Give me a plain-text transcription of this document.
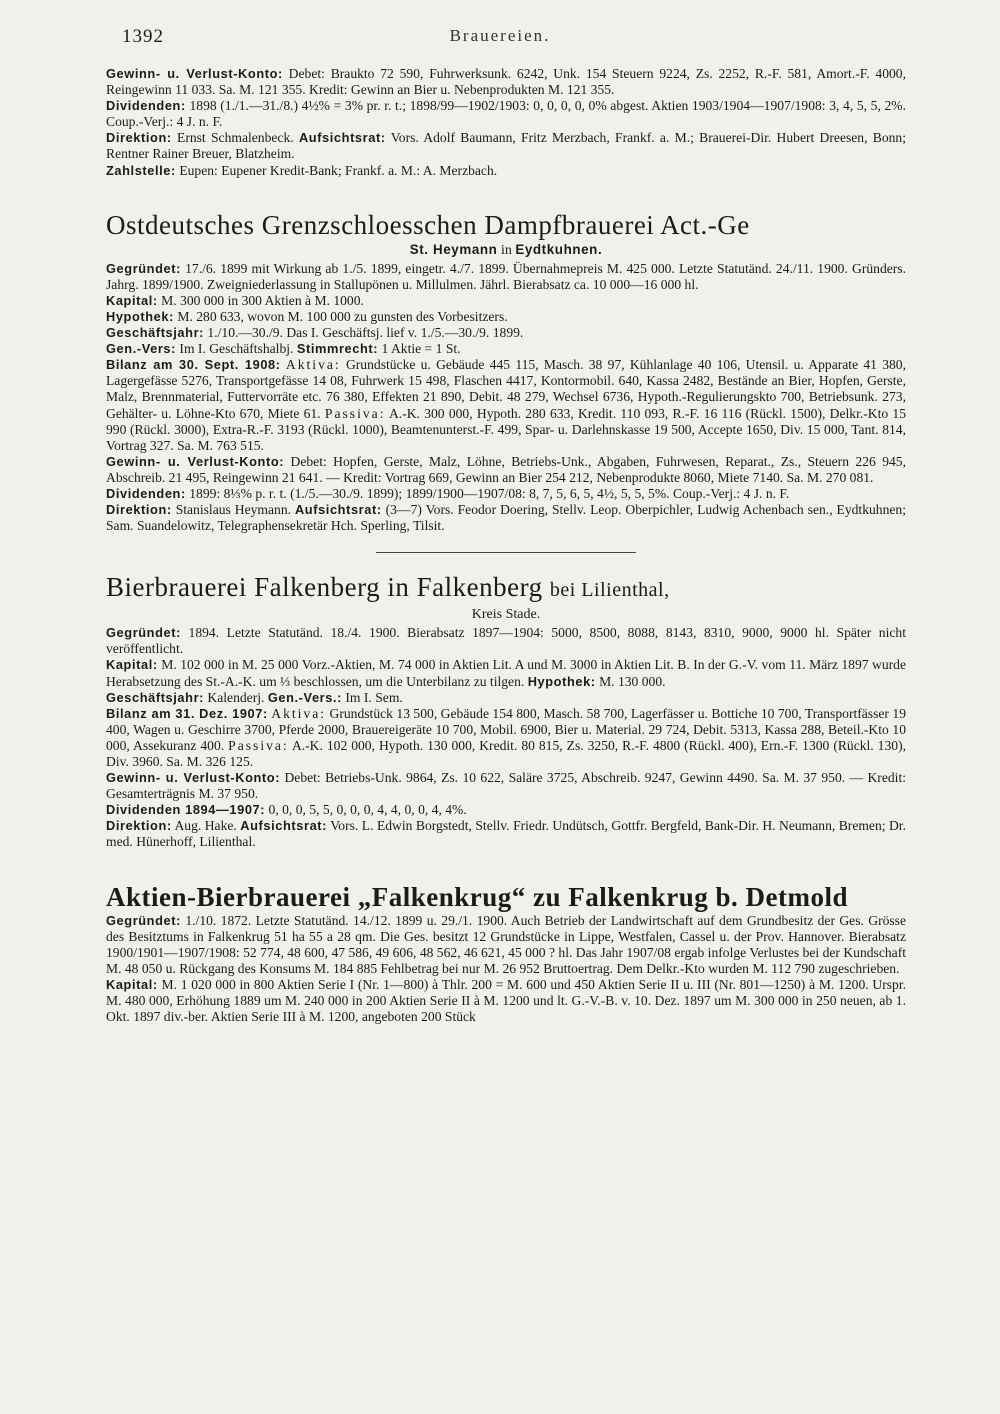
1392	Brauereien.

Gewinn- u. Verlust-Konto: Debet: Braukto 72 590, Fuhrwerksunk. 6242, Unk. 154 Steuern 9224, Zs. 2252, R.-F. 581, Amort.-F. 4000, Reingewinn 11 033. Sa. M. 121 355. Kredit: Gewinn an Bier u. Nebenprodukten M. 121 355.

Dividenden: 1898 (1./1.—31./8.) 4½% = 3% pr. r. t.; 1898/99—1902/1903: 0, 0, 0, 0, 0% abgest. Aktien 1903/1904—1907/1908: 3, 4, 5, 5, 2%. Coup.-Verj.: 4 J. n. F.

Direktion: Ernst Schmalenbeck. Aufsichtsrat: Vors. Adolf Baumann, Fritz Merzbach, Frankf. a. M.; Brauerei-Dir. Hubert Dreesen, Bonn; Rentner Rainer Breuer, Blatzheim.

Zahlstelle: Eupen: Eupener Kredit-Bank; Frankf. a. M.: A. Merzbach.

Ostdeutsches Grenzschloesschen Dampfbrauerei Act.-Ge

St. Heymann in Eydtkuhnen.

Gegründet: 17./6. 1899 mit Wirkung ab 1./5. 1899, eingetr. 4./7. 1899. Übernahmepreis M. 425 000. Letzte Statutänd. 24./11. 1900. Gründers. Jahrg. 1899/1900. Zweigniederlassung in Stallupönen u. Millulmen. Jährl. Bierabsatz ca. 10 000—16 000 hl.

Kapital: M. 300 000 in 300 Aktien à M. 1000.

Hypothek: M. 280 633, wovon M. 100 000 zu gunsten des Vorbesitzers.

Geschäftsjahr: 1./10.—30./9. Das I. Geschäftsj. lief v. 1./5.—30./9. 1899.

Gen.-Vers: Im I. Geschäftshalbj. Stimmrecht: 1 Aktie = 1 St.

Bilanz am 30. Sept. 1908: Aktiva: Grundstücke u. Gebäude 445 115, Masch. 38 97, Kühlanlage 40 106, Utensil. u. Apparate 41 380, Lagergefässe 5276, Transportgefässe 14 08, Fuhrwerk 15 498, Flaschen 4417, Kontormobil. 640, Kassa 2482, Bestände an Bier, Hopfen, Gerste, Malz, Brennmaterial, Futtervorräte etc. 76 380, Effekten 21 890, Debit. 48 279, Wechsel 6736, Hypoth.-Regulierungskto 700, Betriebsunk. 273, Gehälter- u. Löhne-Kto 670, Miete 61. Passiva: A.-K. 300 000, Hypoth. 280 633, Kredit. 110 093, R.-F. 16 116 (Rückl. 1500), Delkr.-Kto 15 990 (Rückl. 3000), Extra-R.-F. 3193 (Rückl. 1000), Beamtenunterst.-F. 499, Spar- u. Darlehnskasse 19 500, Accepte 1650, Div. 15 000, Tant. 814, Vortrag 327. Sa. M. 763 515.

Gewinn- u. Verlust-Konto: Debet: Hopfen, Gerste, Malz, Löhne, Betriebs-Unk., Abgaben, Fuhrwesen, Reparat., Zs., Steuern 226 945, Abschreib. 21 495, Reingewinn 21 641. — Kredit: Vortrag 669, Gewinn an Bier 254 212, Nebenprodukte 8060, Miete 7140. Sa. M. 270 081.

Dividenden: 1899: 8⅓% p. r. t. (1./5.—30./9. 1899); 1899/1900—1907/08: 8, 7, 5, 6, 5, 4½, 5, 5, 5%. Coup.-Verj.: 4 J. n. F.

Direktion: Stanislaus Heymann. Aufsichtsrat: (3—7) Vors. Feodor Doering, Stellv. Leop. Oberpichler, Ludwig Achenbach sen., Eydtkuhnen; Sam. Suandelowitz, Telegraphensekretär Hch. Sperling, Tilsit.

Bierbrauerei Falkenberg in Falkenberg bei Lilienthal,

Kreis Stade.

Gegründet: 1894. Letzte Statutänd. 18./4. 1900. Bierabsatz 1897—1904: 5000, 8500, 8088, 8143, 8310, 9000, 9000 hl. Später nicht veröffentlicht.

Kapital: M. 102 000 in M. 25 000 Vorz.-Aktien, M. 74 000 in Aktien Lit. A und M. 3000 in Aktien Lit. B. In der G.-V. vom 11. März 1897 wurde Herabsetzung des St.-A.-K. um ⅓ beschlossen, um die Unterbilanz zu tilgen. Hypothek: M. 130 000.

Geschäftsjahr: Kalenderj. Gen.-Vers.: Im I. Sem.

Bilanz am 31. Dez. 1907: Aktiva: Grundstück 13 500, Gebäude 154 800, Masch. 58 700, Lagerfässer u. Bottiche 10 700, Transportfässer 19 400, Wagen u. Geschirre 3700, Pferde 2000, Brauereigeräte 10 700, Mobil. 6900, Bier u. Material. 29 724, Debit. 5313, Kassa 288, Beteil.-Kto 10 000, Assekuranz 400. Passiva: A.-K. 102 000, Hypoth. 130 000, Kredit. 80 815, Zs. 3250, R.-F. 4800 (Rückl. 400), Ern.-F. 1300 (Rückl. 130), Div. 3960. Sa. M. 326 125.

Gewinn- u. Verlust-Konto: Debet: Betriebs-Unk. 9864, Zs. 10 622, Saläre 3725, Abschreib. 9247, Gewinn 4490. Sa. M. 37 950. — Kredit: Gesamterträgnis M. 37 950.

Dividenden 1894—1907: 0, 0, 0, 5, 5, 0, 0, 0, 4, 4, 0, 0, 4, 4%.

Direktion: Aug. Hake. Aufsichtsrat: Vors. L. Edwin Borgstedt, Stellv. Friedr. Undütsch, Gottfr. Bergfeld, Bank-Dir. H. Neumann, Bremen; Dr. med. Hünerhoff, Lilienthal.

Aktien-Bierbrauerei „Falkenkrug“ zu Falkenkrug b. Detmold

Gegründet: 1./10. 1872. Letzte Statutänd. 14./12. 1899 u. 29./1. 1900. Auch Betrieb der Landwirtschaft auf dem Grundbesitz der Ges. Grösse des Besitztums in Falkenkrug 51 ha 55 a 28 qm. Die Ges. besitzt 12 Grundstücke in Lippe, Westfalen, Cassel u. der Prov. Hannover. Bierabsatz 1900/1901—1907/1908: 52 774, 48 600, 47 586, 49 606, 48 562, 46 621, 45 000 ? hl. Das Jahr 1907/08 ergab infolge Verlustes bei der Kundschaft M. 48 050 u. Rückgang des Konsums M. 184 885 Fehlbetrag bei nur M. 26 952 Bruttoertrag. Dem Delkr.-Kto wurden M. 112 790 zugeschrieben.

Kapital: M. 1 020 000 in 800 Aktien Serie I (Nr. 1—800) à Thlr. 200 = M. 600 und 450 Aktien Serie II u. III (Nr. 801—1250) à M. 1200. Urspr. M. 480 000, Erhöhung 1889 um M. 240 000 in 200 Aktien Serie II à M. 1200 und lt. G.-V.-B. v. 10. Dez. 1897 um M. 300 000 in 250 neuen, ab 1. Okt. 1897 div.-ber. Aktien Serie III à M. 1200, angeboten 200 Stück
